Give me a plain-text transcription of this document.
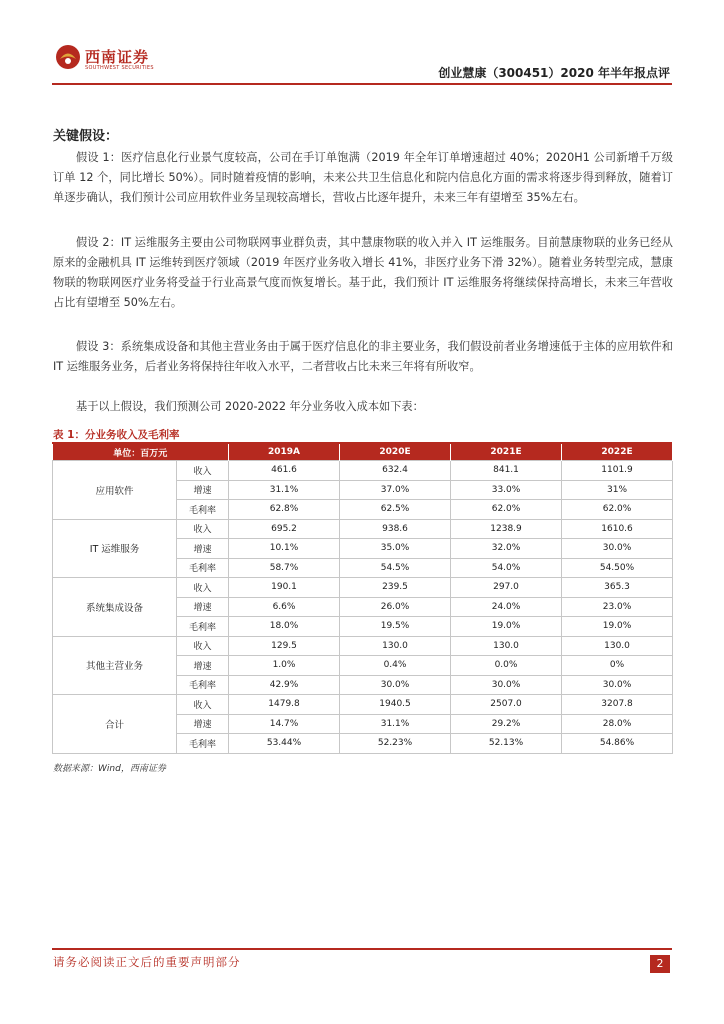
西南证券
SOUTHWEST SECURITIES	创业慧康（300451）2020 年半年报点评
关键假设：
假设 1：医疗信息化行业景气度较高，公司在手订单饱满（2019 年全年订单增速超过 40%；2020H1 公司新增千万级订单 12 个，同比增长 50%）。同时随着疫情的影响，未来公共卫生信息化和院内信息化方面的需求将逐步得到释放，随着订单逐步确认，我们预计公司应用软件业务呈现较高增长，营收占比逐年提升，未来三年有望增至 35%左右。
假设 2：IT 运维服务主要由公司物联网事业群负责，其中慧康物联的收入并入 IT 运维服务。目前慧康物联的业务已经从原来的金融机具 IT 运维转到医疗领域（2019 年医疗业务收入增长 41%，非医疗业务下滑 32%）。随着业务转型完成，慧康物联的物联网医疗业务将受益于行业高景气度而恢复增长。基于此，我们预计 IT 运维服务将继续保持高增长，未来三年营收占比有望增至 50%左右。
假设 3：系统集成设备和其他主营业务由于属于医疗信息化的非主要业务，我们假设前者业务增速低于主体的应用软件和 IT 运维服务业务，后者业务将保持往年收入水平，二者营收占比未来三年将有所收窄。
基于以上假设，我们预测公司 2020-2022 年分业务收入成本如下表：
表 1：分业务收入及毛利率
单位：百万元		2019A	2020E	2021E	2022E
应用软件	收入	461.6	632.4	841.1	1101.9
	增速	31.1%	37.0%	33.0%	31%
	毛利率	62.8%	62.5%	62.0%	62.0%
IT 运维服务	收入	695.2	938.6	1238.9	1610.6
	增速	10.1%	35.0%	32.0%	30.0%
	毛利率	58.7%	54.5%	54.0%	54.50%
系统集成设备	收入	190.1	239.5	297.0	365.3
	增速	6.6%	26.0%	24.0%	23.0%
	毛利率	18.0%	19.5%	19.0%	19.0%
其他主营业务	收入	129.5	130.0	130.0	130.0
	增速	1.0%	0.4%	0.0%	0%
	毛利率	42.9%	30.0%	30.0%	30.0%
合计	收入	1479.8	1940.5	2507.0	3207.8
	增速	14.7%	31.1%	29.2%	28.0%
	毛利率	53.44%	52.23%	52.13%	54.86%
数据来源：Wind，西南证券
请务必阅读正文后的重要声明部分	2
